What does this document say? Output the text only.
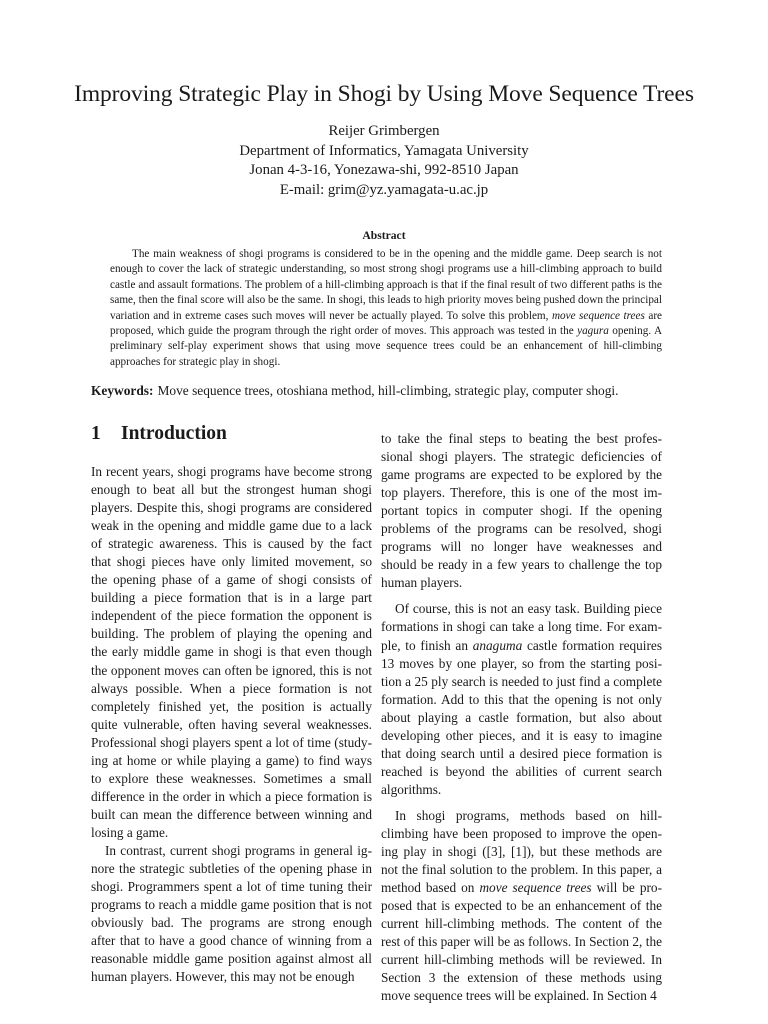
Improving Strategic Play in Shogi by Using Move Sequence Trees
Reijer Grimbergen
Department of Informatics, Yamagata University
Jonan 4-3-16, Yonezawa-shi, 992-8510 Japan
E-mail: grim@yz.yamagata-u.ac.jp
Abstract

The main weakness of shogi programs is considered to be in the opening and the middle game. Deep search is not enough to cover the lack of strategic understanding, so most strong shogi programs use a hill-climbing approach to build castle and assault formations. The problem of a hill-climbing approach is that if the final result of two different paths is the same, then the final score will also be the same. In shogi, this leads to high priority moves being pushed down the principal variation and in extreme cases such moves will never be actually played. To solve this problem, move sequence trees are proposed, which guide the program through the right order of moves. This approach was tested in the yagura opening. A preliminary self-play experiment shows that using move sequence trees could be an enhancement of hill-climbing approaches for strategic play in shogi.

Keywords: Move sequence trees, otoshiana method, hill-climbing, strategic play, computer shogi.
1 Introduction

In recent years, shogi programs have become strong enough to beat all but the strongest human shogi players. Despite this, shogi programs are considered weak in the opening and middle game due to a lack of strategic awareness. This is caused by the fact that shogi pieces have only limited movement, so the opening phase of a game of shogi consists of building a piece formation that is in a large part independent of the piece formation the opponent is building. The problem of playing the opening and the early middle game in shogi is that even though the opponent moves can often be ignored, this is not always possible. When a piece formation is not completely finished yet, the position is actually quite vulnerable, often having several weaknesses. Professional shogi players spent a lot of time (studying at home or while playing a game) to find ways to explore these weaknesses. Sometimes a small difference in the order in which a piece formation is built can mean the difference between winning and losing a game.

In contrast, current shogi programs in general ignore the strategic subtleties of the opening phase in shogi. Programmers spent a lot of time tuning their programs to reach a middle game position that is not obviously bad. The programs are strong enough after that to have a good chance of winning from a reasonable middle game position against almost all human players. However, this may not be enough

to take the final steps to beating the best professional shogi players. The strategic deficiencies of game programs are expected to be explored by the top players. Therefore, this is one of the most important topics in computer shogi. If the opening problems of the programs can be resolved, shogi programs will no longer have weaknesses and should be ready in a few years to challenge the top human players.

Of course, this is not an easy task. Building piece formations in shogi can take a long time. For example, to finish an anaguma castle formation requires 13 moves by one player, so from the starting position a 25 ply search is needed to just find a complete formation. Add to this that the opening is not only about playing a castle formation, but also about developing other pieces, and it is easy to imagine that doing search until a desired piece formation is reached is beyond the abilities of current search algorithms.

In shogi programs, methods based on hill-climbing have been proposed to improve the opening play in shogi ([3], [1]), but these methods are not the final solution to the problem. In this paper, a method based on move sequence trees will be proposed that is expected to be an enhancement of the current hill-climbing methods. The content of the rest of this paper will be as follows. In Section 2, the current hill-climbing methods will be reviewed. In Section 3 the extension of these methods using move sequence trees will be explained. In Section 4
